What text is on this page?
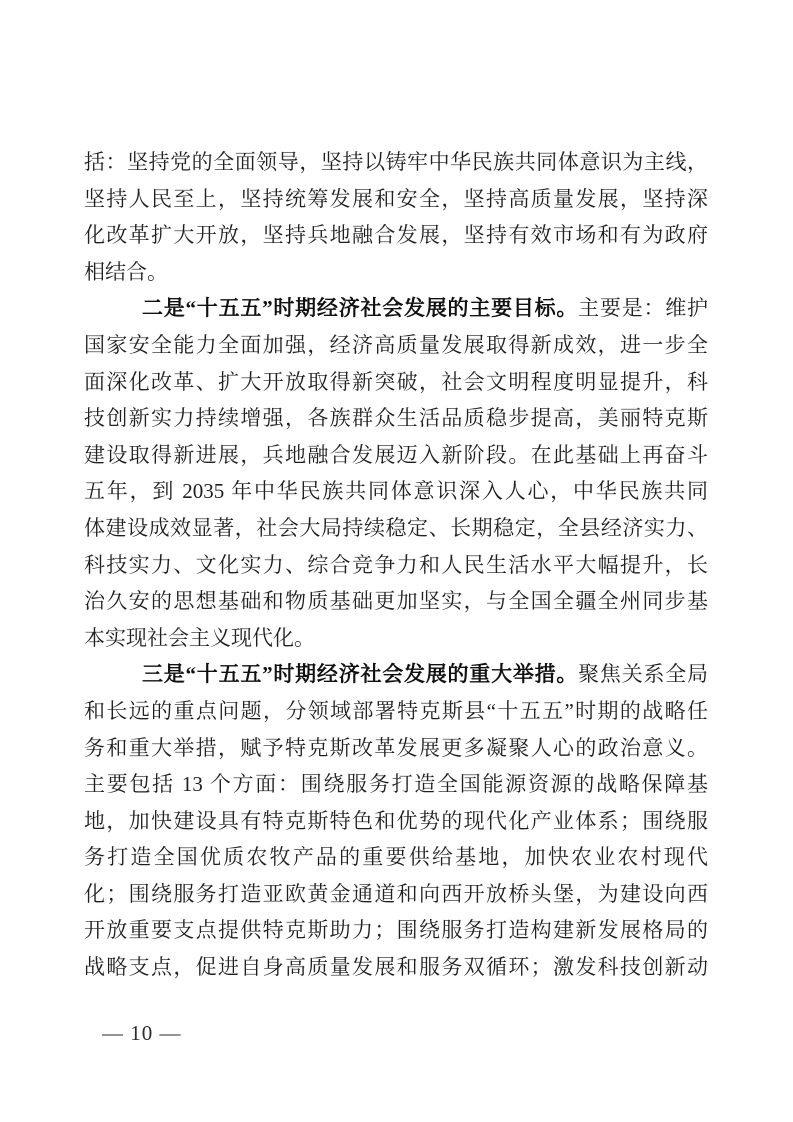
括：坚持党的全面领导，坚持以铸牢中华民族共同体意识为主线，
坚持人民至上，坚持统筹发展和安全，坚持高质量发展，坚持深
化改革扩大开放，坚持兵地融合发展，坚持有效市场和有为政府
相结合。
二是“十五五”时期经济社会发展的主要目标。主要是：维护
国家安全能力全面加强，经济高质量发展取得新成效，进一步全
面深化改革、扩大开放取得新突破，社会文明程度明显提升，科
技创新实力持续增强，各族群众生活品质稳步提高，美丽特克斯
建设取得新进展，兵地融合发展迈入新阶段。在此基础上再奋斗
五年，到 2035 年中华民族共同体意识深入人心，中华民族共同
体建设成效显著，社会大局持续稳定、长期稳定，全县经济实力、
科技实力、文化实力、综合竞争力和人民生活水平大幅提升，长
治久安的思想基础和物质基础更加坚实，与全国全疆全州同步基
本实现社会主义现代化。
三是“十五五”时期经济社会发展的重大举措。聚焦关系全局
和长远的重点问题，分领域部署特克斯县“十五五”时期的战略任
务和重大举措，赋予特克斯改革发展更多凝聚人心的政治意义。
主要包括 13 个方面：围绕服务打造全国能源资源的战略保障基
地，加快建设具有特克斯特色和优势的现代化产业体系；围绕服
务打造全国优质农牧产品的重要供给基地，加快农业农村现代
化；围绕服务打造亚欧黄金通道和向西开放桥头堡，为建设向西
开放重要支点提供特克斯助力；围绕服务打造构建新发展格局的
战略支点，促进自身高质量发展和服务双循环；激发科技创新动
— 10 —
